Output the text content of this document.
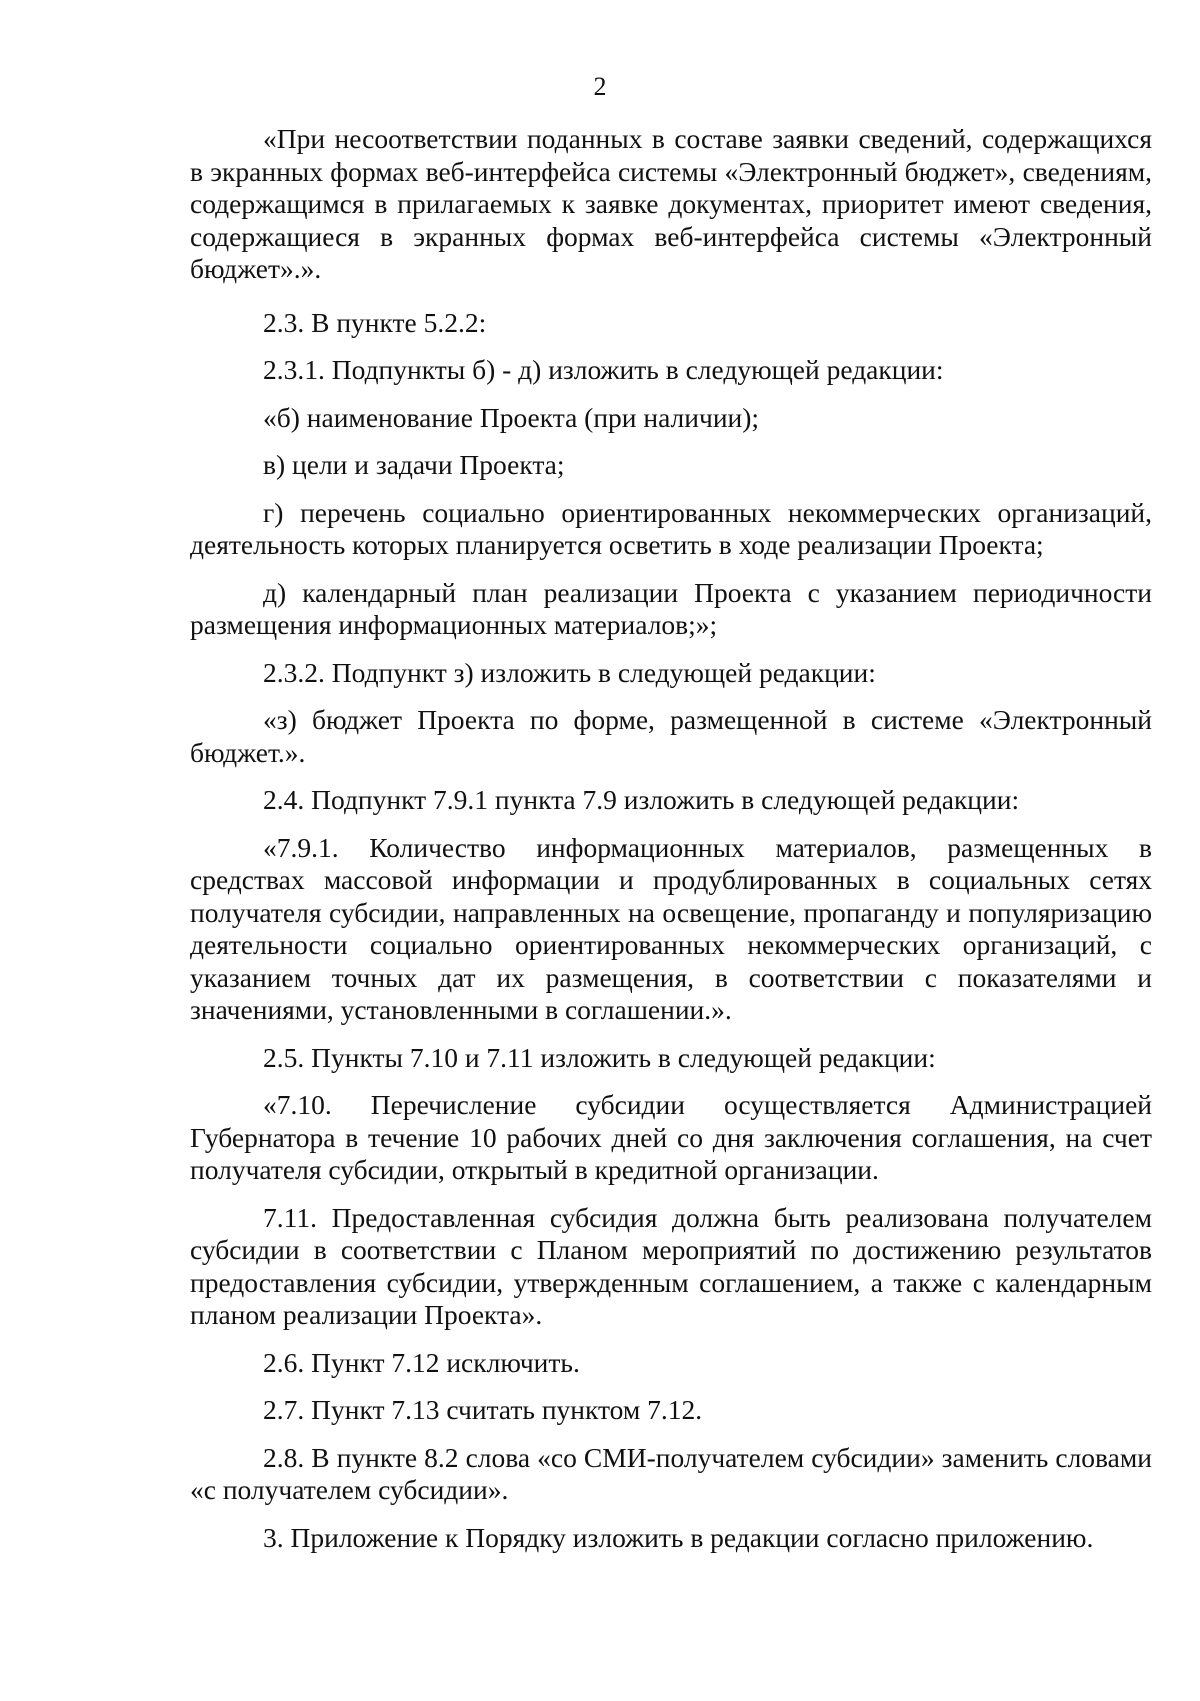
2

«При несоответствии поданных в составе заявки сведений, содержащихся в экранных формах веб-интерфейса системы «Электронный бюджет», сведениям, содержащимся в прилагаемых к заявке документах, приоритет имеют сведения, содержащиеся в экранных формах веб-интерфейса системы «Электронный бюджет».».

2.3. В пункте 5.2.2:

2.3.1. Подпункты б) - д) изложить в следующей редакции:

«б) наименование Проекта (при наличии);

в) цели и задачи Проекта;

г) перечень социально ориентированных некоммерческих организаций, деятельность которых планируется осветить в ходе реализации Проекта;

д) календарный план реализации Проекта с указанием периодичности размещения информационных материалов;»;

2.3.2. Подпункт з) изложить в следующей редакции:

«з) бюджет Проекта по форме, размещенной в системе «Электронный бюджет.».

2.4. Подпункт 7.9.1 пункта 7.9 изложить в следующей редакции:

«7.9.1. Количество информационных материалов, размещенных в средствах массовой информации и продублированных в социальных сетях получателя субсидии, направленных на освещение, пропаганду и популяризацию деятельности социально ориентированных некоммерческих организаций, с указанием точных дат их размещения, в соответствии с показателями и значениями, установленными в соглашении.».

2.5. Пункты 7.10 и 7.11 изложить в следующей редакции:

«7.10. Перечисление субсидии осуществляется Администрацией Губернатора в течение 10 рабочих дней со дня заключения соглашения, на счет получателя субсидии, открытый в кредитной организации.

7.11. Предоставленная субсидия должна быть реализована получателем субсидии в соответствии с Планом мероприятий по достижению результатов предоставления субсидии, утвержденным соглашением, а также с календарным планом реализации Проекта».

2.6. Пункт 7.12 исключить.

2.7. Пункт 7.13 считать пунктом 7.12.

2.8. В пункте 8.2 слова «со СМИ-получателем субсидии» заменить словами «с получателем субсидии».

3. Приложение к Порядку изложить в редакции согласно приложению.
